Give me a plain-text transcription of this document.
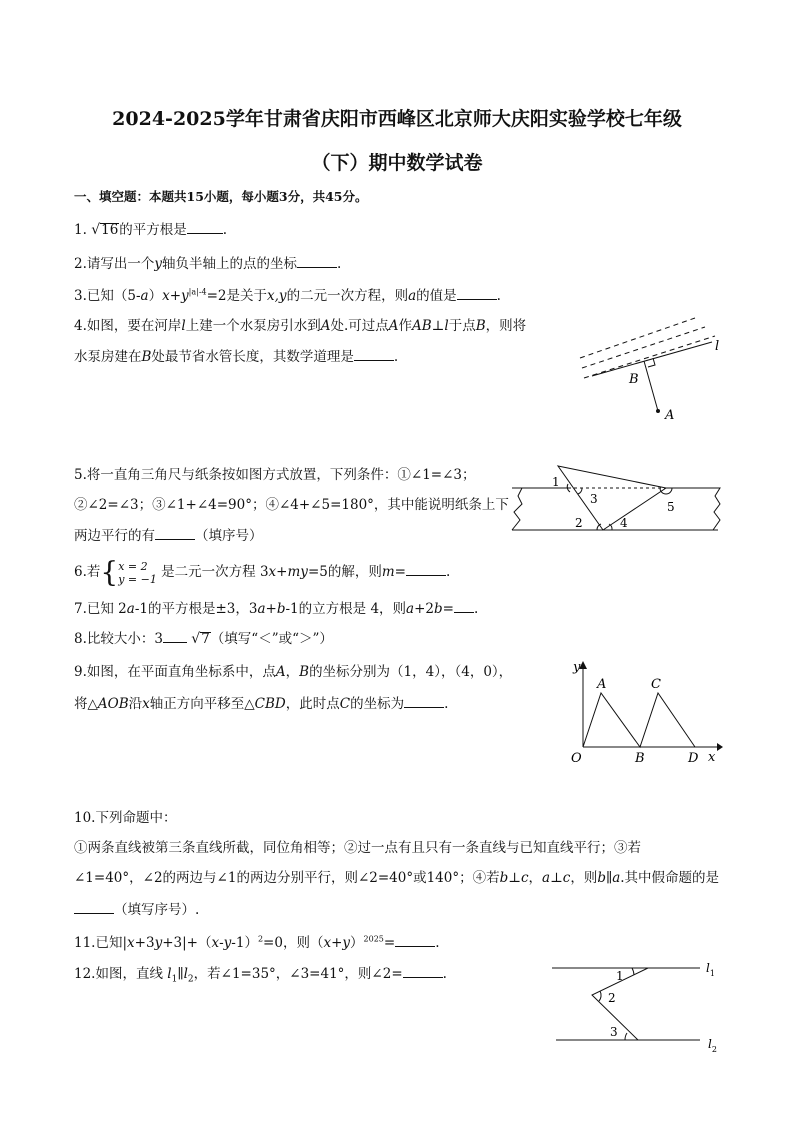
2024-2025学年甘肃省庆阳市西峰区北京师大庆阳实验学校七年级
（下）期中数学试卷
一、填空题：本题共15小题，每小题3分，共45分。
1. √16的平方根是	.
2.请写出一个y轴负半轴上的点的坐标	.
3.已知$(5-a)x+y^{|a|-4}=2$是关于x,y的二元一次方程，则a的值是	.
4.如图，要在河岸l上建一个水泵房引水到A处.可过点A作AB⊥l于点B，则将
水泵房建在B处最节省水管长度，其数学道理是	.
l
B
A
5.将一直角三角尺与纸条按如图方式放置，下列条件：①∠1=∠3；
②∠2=∠3；③∠1+∠4=90°；④∠4+∠5=180°，其中能说明纸条上下
两边平行的有	（填序号）
1
3
5
2	4
6.若{ x = 2
y = −1 是二元一次方程 3x+my=5的解，则m=	.
7.已知 2a-1的平方根是±3，3a+b-1的立方根是 4，则a+2b= .
8.比较大小：3 √7（填写“＜”或“＞”）
9.如图，在平面直角坐标系中，点A，B的坐标分别为（1，4），（4，0），
将△AOB沿x轴正方向平移至△CBD，此时点C的坐标为	.
y
x
O
A
B
C
D
10.下列命题中：
①两条直线被第三条直线所截，同位角相等；②过一点有且只有一条直线与已知直线平行；③若
∠1=40°，∠2的两边与∠1的两边分别平行，则∠2=40°或140°；④若b⊥c，a⊥c，则b∥a.其中假命题的是
（填写序号）.
11.已知$|x+3y+3|+(x-y-1)^2=0$，则$(x+y)^{2025}=$	.
12.如图，直线 $l_1\parallel l_2$，若∠1=35°，∠3=41°，则∠2=	.	1
2
3
$l_1$
$l_2$
